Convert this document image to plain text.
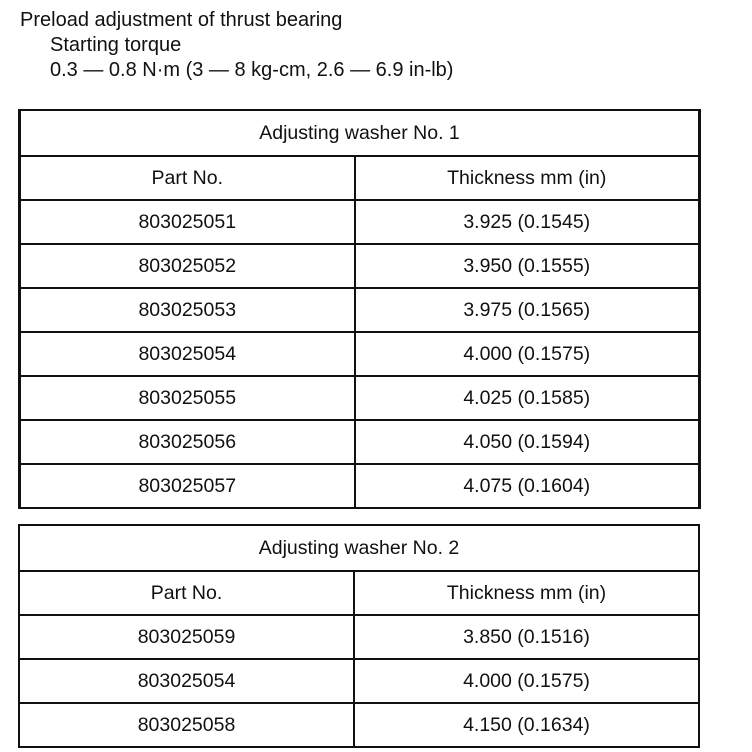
Preload adjustment of thrust bearing
Starting torque
0.3 — 0.8 N·m (3 — 8 kg-cm, 2.6 — 6.9 in-lb)
Adjusting washer No. 1	
Part No.	Thickness mm (in)
803025051	3.925 (0.1545)
803025052	3.950 (0.1555)
803025053	3.975 (0.1565)
803025054	4.000 (0.1575)
803025055	4.025 (0.1585)
803025056	4.050 (0.1594)
803025057	4.075 (0.1604)
Adjusting washer No. 2	
Part No.	Thickness mm (in)
803025059	3.850 (0.1516)
803025054	4.000 (0.1575)
803025058	4.150 (0.1634)
